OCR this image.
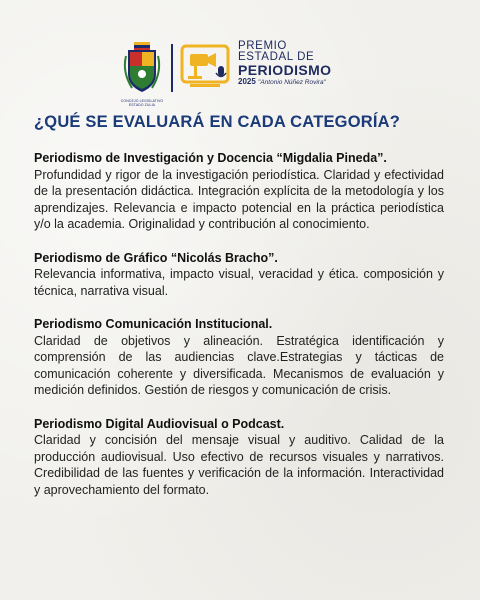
CONCEJO LEGISLATIVO
ESTADO ZULIA
PREMIO
ESTADAL DE
PERIODISMO
2025 "Antonio Núñez Rovira"
¿QUÉ SE EVALUARÁ EN CADA CATEGORÍA?
Periodismo de Investigación y Docencia “Migdalia Pineda”.

Profundidad y rigor de la investigación periodística. Claridad y efectividad de la presentación didáctica. Integración explícita de la metodología y los aprendizajes. Relevancia e impacto potencial en la práctica periodística y/o la academia. Originalidad y contribución al conocimiento.

Periodismo de Gráfico “Nicolás Bracho”.

Relevancia informativa, impacto visual, veracidad y ética. composición y técnica, narrativa visual.

Periodismo Comunicación Institucional.

Claridad de objetivos y alineación. Estratégica identificación y comprensión de las audiencias clave.Estrategias y tácticas de comunicación coherente y diversificada. Mecanismos de evaluación y medición definidos. Gestión de riesgos y comunicación de crisis.

Periodismo Digital Audiovisual o Podcast.

Claridad y concisión del mensaje visual y auditivo. Calidad de la producción audiovisual. Uso efectivo de recursos visuales y narrativos. Credibilidad de las fuentes y verificación de la información. Interactividad y aprovechamiento del formato.
